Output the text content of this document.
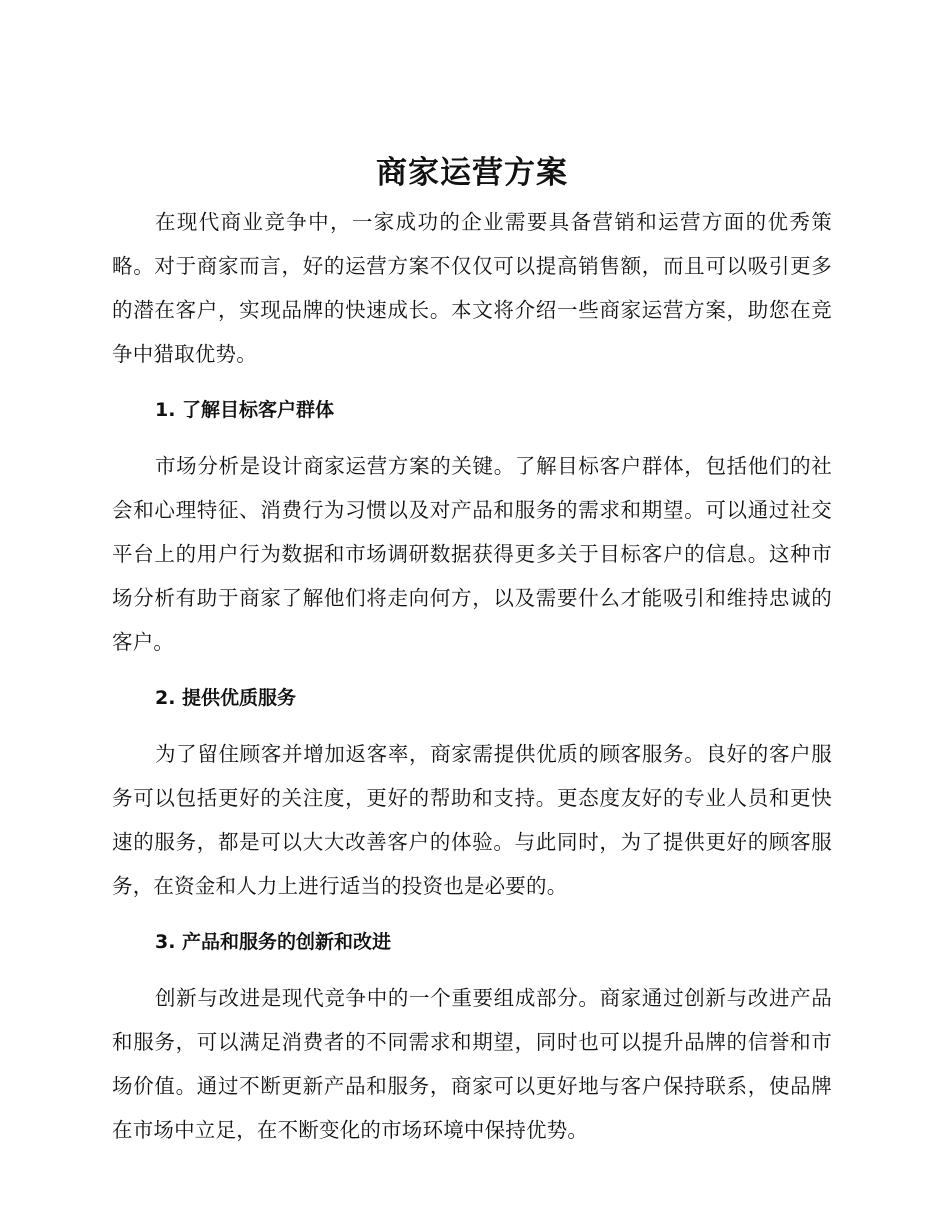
商家运营方案

在现代商业竞争中，一家成功的企业需要具备营销和运营方面的优秀策略。对于商家而言，好的运营方案不仅仅可以提高销售额，而且可以吸引更多的潜在客户，实现品牌的快速成长。本文将介绍一些商家运营方案，助您在竞争中猎取优势。

1. 了解目标客户群体

市场分析是设计商家运营方案的关键。了解目标客户群体，包括他们的社会和心理特征、消费行为习惯以及对产品和服务的需求和期望。可以通过社交平台上的用户行为数据和市场调研数据获得更多关于目标客户的信息。这种市场分析有助于商家了解他们将走向何方，以及需要什么才能吸引和维持忠诚的客户。

2. 提供优质服务

为了留住顾客并增加返客率，商家需提供优质的顾客服务。良好的客户服务可以包括更好的关注度，更好的帮助和支持。更态度友好的专业人员和更快速的服务，都是可以大大改善客户的体验。与此同时，为了提供更好的顾客服务，在资金和人力上进行适当的投资也是必要的。

3. 产品和服务的创新和改进

创新与改进是现代竞争中的一个重要组成部分。商家通过创新与改进产品和服务，可以满足消费者的不同需求和期望，同时也可以提升品牌的信誉和市场价值。通过不断更新产品和服务，商家可以更好地与客户保持联系，使品牌在市场中立足，在不断变化的市场环境中保持优势。
